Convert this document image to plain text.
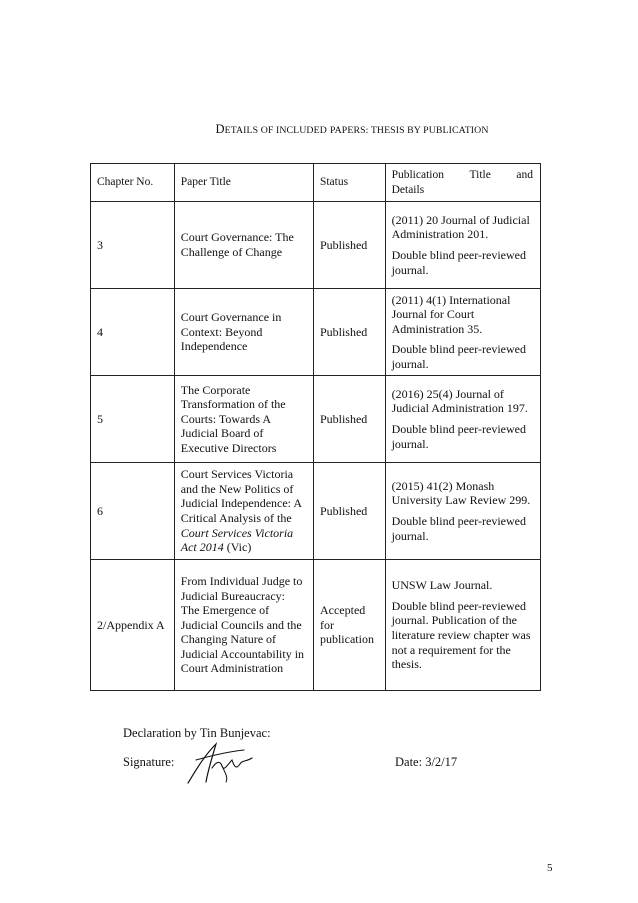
DETAILS OF INCLUDED PAPERS: THESIS BY PUBLICATION
Chapter No.	Paper Title	Status	Publication Title and
Details

3	Court Governance: The Challenge of Change	Published	(2011) 20 Journal of Judicial Administration 201.

Double blind peer-reviewed journal.

4	Court Governance in Context: Beyond Independence	Published	(2011) 4(1) International Journal for Court Administration 35.

Double blind peer-reviewed journal.

5	The Corporate Transformation of the Courts: Towards A Judicial Board of Executive Directors	Published	(2016) 25(4) Journal of Judicial Administration 197.

Double blind peer-reviewed journal.

6	Court Services Victoria and the New Politics of Judicial Independence: A Critical Analysis of the Court Services Victoria Act 2014 (Vic)	Published	(2015) 41(2) Monash University Law Review 299.

Double blind peer-reviewed journal.

2/Appendix A	From Individual Judge to Judicial Bureaucracy: The Emergence of Judicial Councils and the Changing Nature of Judicial Accountability in Court Administration	Accepted for publication	UNSW Law Journal.

Double blind peer-reviewed journal. Publication of the literature review chapter was not a requirement for the thesis.

Declaration by Tin Bunjevac:
Signature:	Date: 3/2/17
5
